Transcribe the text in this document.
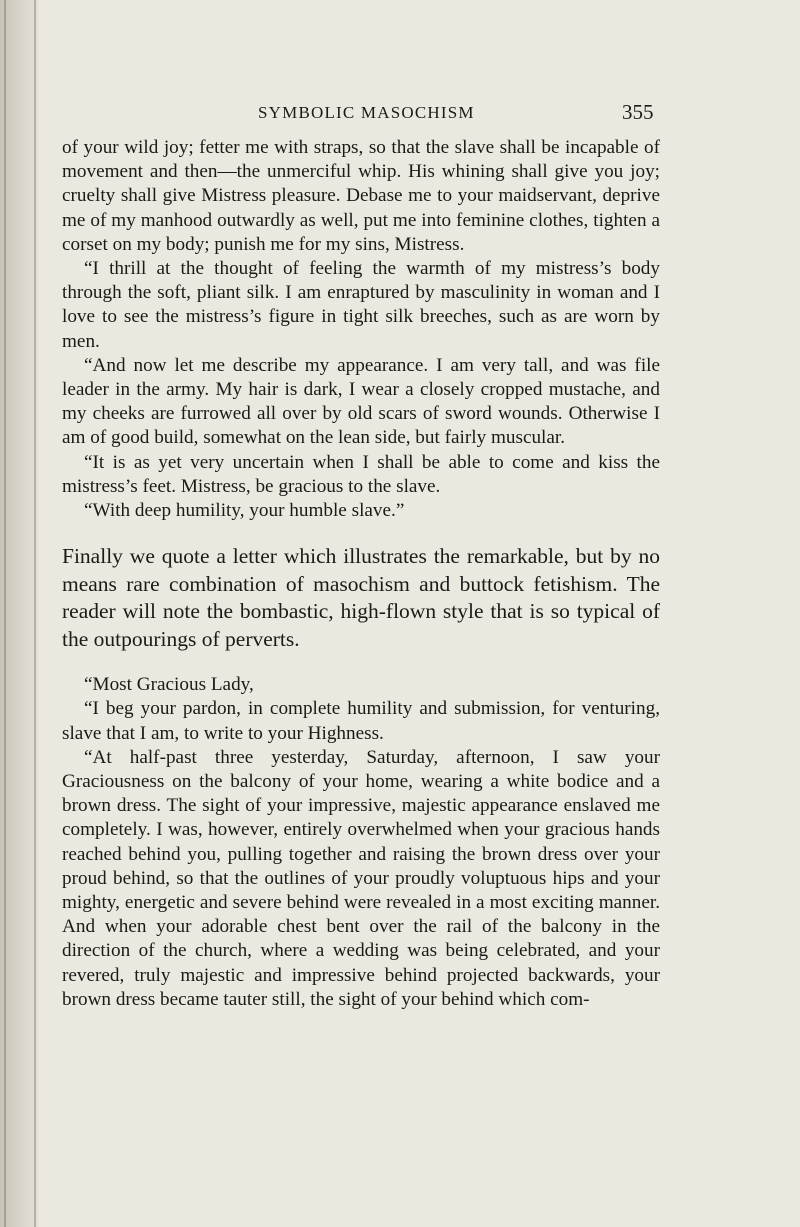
SYMBOLIC MASOCHISM	355

of your wild joy; fetter me with straps, so that the slave shall be incapable of movement and then—the unmerciful whip. His whining shall give you joy; cruelty shall give Mistress pleasure. Debase me to your maidservant, deprive me of my manhood outwardly as well, put me into feminine clothes, tighten a corset on my body; punish me for my sins, Mistress.

“I thrill at the thought of feeling the warmth of my mistress’s body through the soft, pliant silk. I am enraptured by masculinity in woman and I love to see the mistress’s figure in tight silk breeches, such as are worn by men.

“And now let me describe my appearance. I am very tall, and was file leader in the army. My hair is dark, I wear a closely cropped mustache, and my cheeks are furrowed all over by old scars of sword wounds. Otherwise I am of good build, somewhat on the lean side, but fairly muscular.

“It is as yet very uncertain when I shall be able to come and kiss the mistress’s feet. Mistress, be gracious to the slave.

“With deep humility, your humble slave.”

Finally we quote a letter which illustrates the remarkable, but by no means rare combination of masochism and buttock fetishism. The reader will note the bombastic, high-flown style that is so typical of the outpourings of perverts.

“Most Gracious Lady,

“I beg your pardon, in complete humility and submission, for venturing, slave that I am, to write to your Highness.

“At half-past three yesterday, Saturday, afternoon, I saw your Graciousness on the balcony of your home, wearing a white bodice and a brown dress. The sight of your impressive, majestic appearance enslaved me completely. I was, however, entirely overwhelmed when your gracious hands reached behind you, pulling together and raising the brown dress over your proud behind, so that the outlines of your proudly voluptuous hips and your mighty, energetic and severe behind were revealed in a most exciting manner. And when your adorable chest bent over the rail of the balcony in the direction of the church, where a wedding was being celebrated, and your revered, truly majestic and impressive behind projected backwards, your brown dress became tauter still, the sight of your behind which com-
